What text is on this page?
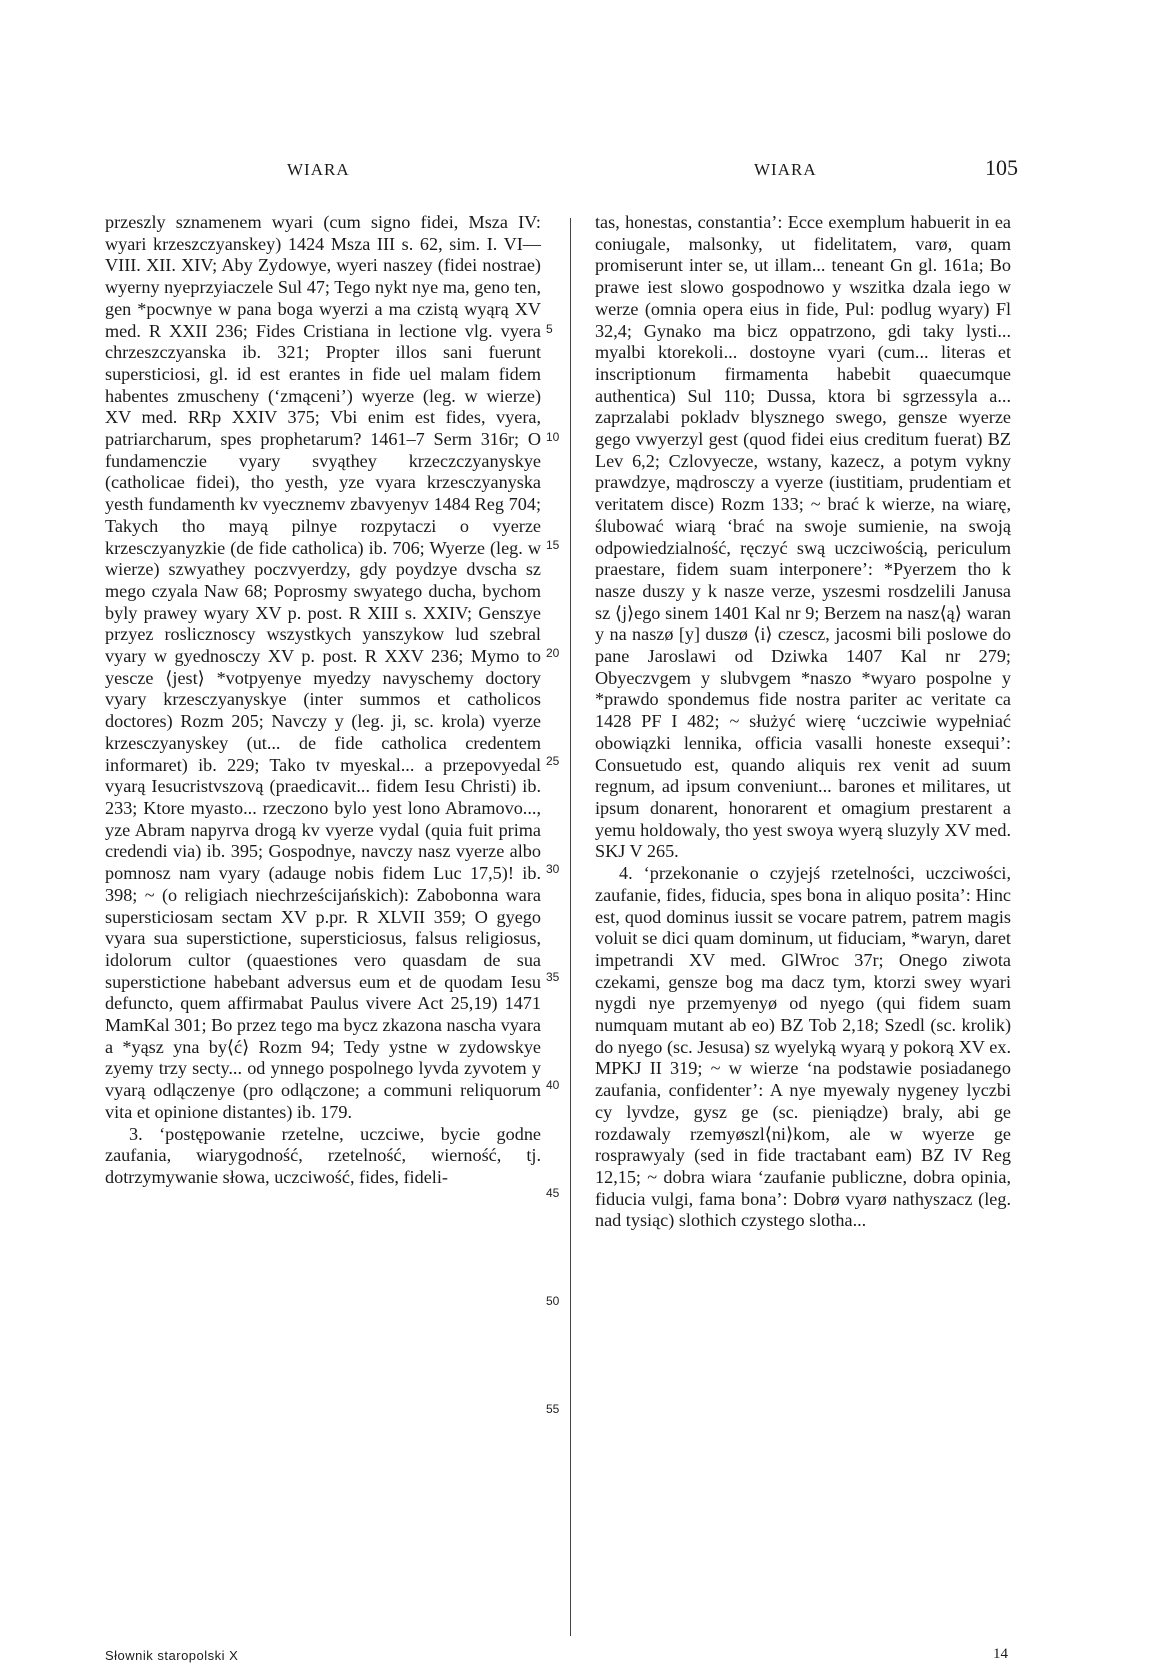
WIARA	WIARA	105

przeszly sznamenem wyari (cum signo fidei, Msza IV: wyari krzeszczyanskey) 1424 Msza III s. 62, sim. I. VI—VIII. XII. XIV; Aby Zydowye, wyeri naszey (fidei nostrae) wyerny nyeprzyiaczele Sul 47; Tego nykt nye ma, geno ten, gen *pocwnye w pana boga wyerzi a ma czistą wyąrą XV med. R XXII 236; Fides Cristiana in lectione vlg. vyera chrzeszczyanska ib. 321; Propter illos sani fuerunt supersticiosi, gl. id est erantes in fide uel malam fidem habentes zmuscheny (‘zmąceni’) wyerze (leg. w wierze) XV med. RRp XXIV 375; Vbi enim est fides, vyera, patriarcharum, spes prophetarum? 1461–7 Serm 316r; O fundamenczie vyary svyąthey krzeczczyanyskye (catholicae fidei), tho yesth, yze vyara krzesczyanyska yesth fundamenth kv vyecznemv zbavyenyv 1484 Reg 704; Takych tho mayą pilnye rozpytaczi o vyerze krzesczyanyzkie (de fide catholica) ib. 706; Wyerze (leg. w wierze) szwyathey poczvyerdzy, gdy poydzye dvscha sz mego czyala Naw 68; Poprosmy swyatego ducha, bychom byly prawey wyary XV p. post. R XIII s. XXIV; Genszye przyez roslicznoscy wszystkych yanszykow lud szebral vyary w gyednosczy XV p. post. R XXV 236; Mymo to yescze ⟨jest⟩ *votpyenye myedzy navyschemy doctory vyary krzesczyanyskye (inter summos et catholicos doctores) Rozm 205; Navczy y (leg. ji, sc. krola) vyerze krzesczyanyskey (ut... de fide catholica credentem informaret) ib. 229; Tako tv myeskal... a przepovyedal vyarą Iesucristvszovą (praedicavit... fidem Iesu Christi) ib. 233; Ktore myasto... rzeczono bylo yest lono Abramovo..., yze Abram napyrva drogą kv vyerze vydal (quia fuit prima credendi via) ib. 395; Gospodnye, navczy nasz vyerze albo pomnosz nam vyary (adauge nobis fidem Luc 17,5)! ib. 398; ~ (o religiach niechrześcijańskich): Zabobonna wara supersticiosam sectam XV p.pr. R XLVII 359; O gyego vyara sua superstictione, supersticiosus, falsus religiosus, idolorum cultor (quaestiones vero quasdam de sua superstictione habebant adversus eum et de quodam Iesu defuncto, quem affirmabat Paulus vivere Act 25,19) 1471 MamKal 301; Bo przez tego ma bycz zkazona nascha vyara a *yąsz yna by⟨ć⟩ Rozm 94; Tedy ystne w zydowskye zyemy trzy secty... od ynnego pospolnego lyvda zyvotem y vyarą odlączenye (pro odlączone; a communi reliquorum vita et opinione distantes) ib. 179.

3. ‘postępowanie rzetelne, uczciwe, bycie godne zaufania, wiarygodność, rzetelność, wierność, tj. dotrzymywanie słowa, uczciwość, fides, fideli-

5
10
15
20
25
30
35
40
45
50
55

tas, honestas, constantia’: Ecce exemplum habuerit in ea coniugale, malsonky, ut fidelitatem, varø, quam promiserunt inter se, ut illam... teneant Gn gl. 161a; Bo prawe iest slowo gospodnowo y wszitka dzala iego w werze (omnia opera eius in fide, Pul: podlug wyary) Fl 32,4; Gynako ma bicz oppatrzono, gdi taky lysti... myalbi ktorekoli... dostoyne vyari (cum... literas et inscriptionum firmamenta habebit quaecumque authentica) Sul 110; Dussa, ktora bi sgrzessyla a... zaprzalabi pokladv blysznego swego, gensze wyerze gego vwyerzyl gest (quod fidei eius creditum fuerat) BZ Lev 6,2; Czlovyecze, wstany, kazecz, a potym vykny prawdzye, mądrosczy a vyerze (iustitiam, prudentiam et veritatem disce) Rozm 133; ~ brać k wierze, na wiarę, ślubować wiarą ‘brać na swoje sumienie, na swoją odpowiedzialność, ręczyć swą uczciwością, periculum praestare, fidem suam interponere’: *Pyerzem tho k nasze duszy y k nasze verze, yszesmi rosdzelili Janusa sz ⟨j⟩ego sinem 1401 Kal nr 9; Berzem na nasz⟨ą⟩ waran y na naszø [y] duszø ⟨i⟩ czescz, jacosmi bili poslowe do pane Jaroslawi od Dziwka 1407 Kal nr 279; Obyeczvgem y slubvgem *naszo *wyaro pospolne y *prawdo spondemus fide nostra pariter ac veritate ca 1428 PF I 482; ~ służyć wierę ‘uczciwie wypełniać obowiązki lennika, officia vasalli honeste exsequi’: Consuetudo est, quando aliquis rex venit ad suum regnum, ad ipsum conveniunt... barones et militares, ut ipsum donarent, honorarent et omagium prestarent a yemu holdowaly, tho yest swoya wyerą sluzyly XV med. SKJ V 265.

4. ‘przekonanie o czyjejś rzetelności, uczciwości, zaufanie, fides, fiducia, spes bona in aliquo posita’: Hinc est, quod dominus iussit se vocare patrem, patrem magis voluit se dici quam dominum, ut fiduciam, *waryn, daret impetrandi XV med. GlWroc 37r; Onego ziwota czekami, gensze bog ma dacz tym, ktorzi swey wyari nygdi nye przemyenyø od nyego (qui fidem suam numquam mutant ab eo) BZ Tob 2,18; Szedl (sc. krolik) do nyego (sc. Jesusa) sz wyelyką wyarą y pokorą XV ex. MPKJ II 319; ~ w wierze ‘na podstawie posiadanego zaufania, confidenter’: A nye myewaly nygeney lyczbi cy lyvdze, gysz ge (sc. pieniądze) braly, abi ge rozdawaly rzemyøszl⟨ni⟩kom, ale w wyerze ge rosprawyaly (sed in fide tractabant eam) BZ IV Reg 12,15; ~ dobra wiara ‘zaufanie publiczne, dobra opinia, fiducia vulgi, fama bona’: Dobrø vyarø nathyszacz (leg. nad tysiąc) slothich czystego slotha...

Słownik staropolski X	14
